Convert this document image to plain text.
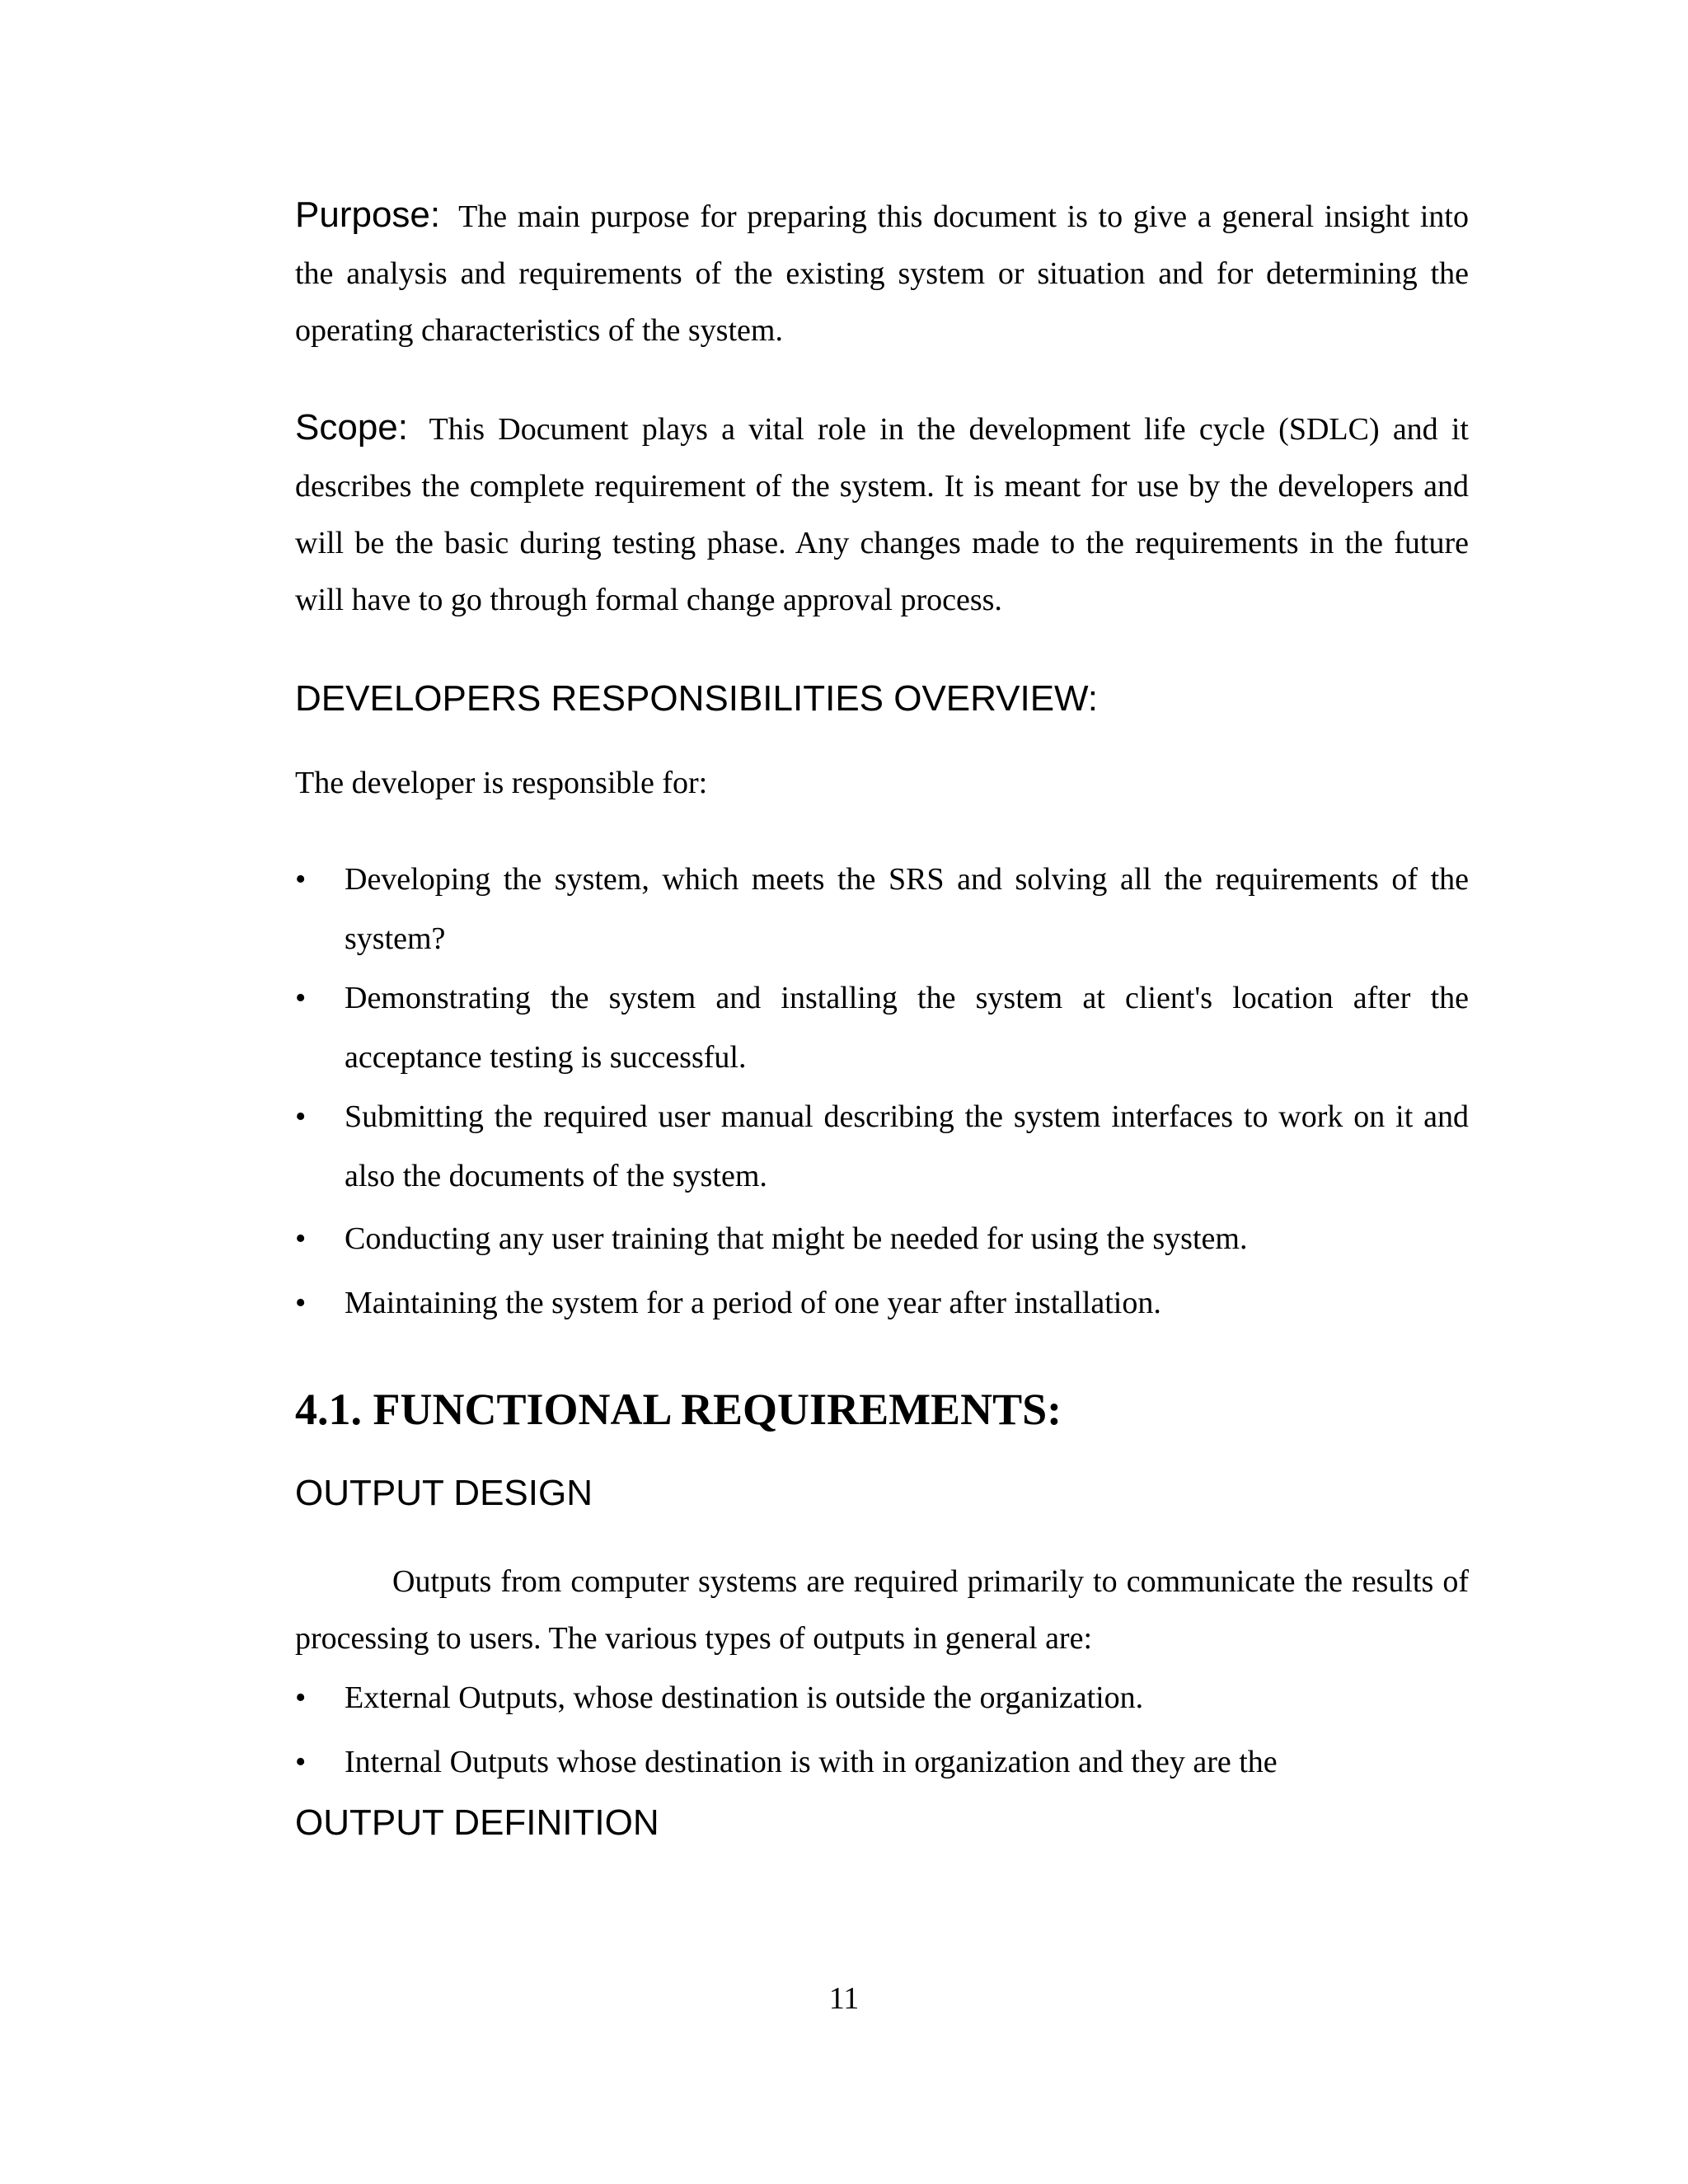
Purpose: The main purpose for preparing this document is to give a general insight into the analysis and requirements of the existing system or situation and for determining the operating characteristics of the system.

Scope: This Document plays a vital role in the development life cycle (SDLC) and it describes the complete requirement of the system. It is meant for use by the developers and will be the basic during testing phase. Any changes made to the requirements in the future will have to go through formal change approval process.

DEVELOPERS RESPONSIBILITIES OVERVIEW:
The developer is responsible for:
• Developing the system, which meets the SRS and solving all the requirements of the system?
• Demonstrating the system and installing the system at client's location after the acceptance testing is successful.
• Submitting the required user manual describing the system interfaces to work on it and also the documents of the system.
• Conducting any user training that might be needed for using the system.
• Maintaining the system for a period of one year after installation.
4.1. FUNCTIONAL REQUIREMENTS:
OUTPUT DESIGN

Outputs from computer systems are required primarily to communicate the results of processing to users. The various types of outputs in general are:

• External Outputs, whose destination is outside the organization.
• Internal Outputs whose destination is with in organization and they are the
OUTPUT DEFINITION
11
